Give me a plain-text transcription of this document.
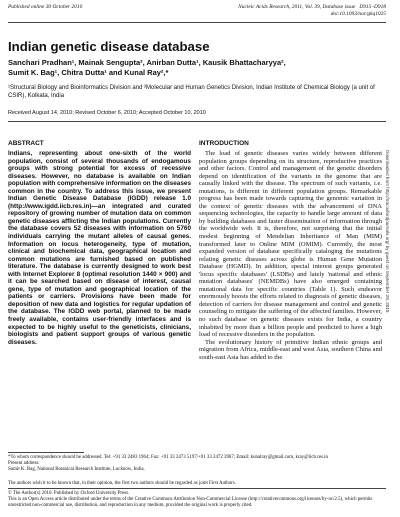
Published online 30 October 2010	Nucleic Acids Research, 2011, Vol. 39, Database issue D915–D918
doi:10.1093/nar/gkq1025
Indian genetic disease database
Sanchari Pradhan¹, Mainak Sengupta², Anirban Dutta¹, Kausik Bhattacharyya²,
Sumit K. Bag¹, Chitra Dutta¹ and Kunal Ray²,*
¹Structural Biology and Bioinformatics Division and ²Molecular and Human Genetics Division, Indian Institute of Chemical Biology (a unit of CSIR), Kolkata, India
Received August 14, 2010; Revised October 6, 2010; Accepted October 10, 2010
ABSTRACT

Indians, representing about one-sixth of the world population, consist of several thousands of endogamous groups with strong potential for excess of recessive diseases. However, no database is available on Indian population with comprehensive information on the diseases common in the country. To address this issue, we present Indian Genetic Disease Database (IGDD) release 1.0 (http://www.igdd.iicb.res.in)—an integrated and curated repository of growing number of mutation data on common genetic diseases afflicting the Indian populations. Currently the database covers 52 diseases with information on 5760 individuals carrying the mutant alleles of causal genes. Information on locus heterogeneity, type of mutation, clinical and biochemical data, geographical location and common mutations are furnished based on published literature. The database is currently designed to work best with Internet Explorer 8 (optimal resolution 1440 × 900) and it can be searched based on disease of interest, causal gene, type of mutation and geographical location of the patients or carriers. Provisions have been made for deposition of new data and logistics for regular updation of the database. The IGDD web portal, planned to be made freely available, contains user-friendly interfaces and is expected to be highly useful to the geneticists, clinicians, biologists and patient support groups of various genetic diseases.

INTRODUCTION

The load of genetic diseases varies widely between different population groups depending on its structure, reproductive practices and other factors. Control and management of the genetic disorders depend on identification of the variants in the genome that are causally linked with the disease. The spectrum of such variants, i.e. mutations, is different in different population groups. Remarkable progress has been made towards capturing the genomic variation in the context of genetic diseases with the advancement of DNA sequencing technologies, the capacity to handle large amount of data by building databases and faster dissemination of information through the worldwide web. It is, therefore, not surprising that the initial modest beginning of Mendelian Inheritance of Man (MIM) transformed later to Online MIM (OMIM). Currently, the most expanded version of database specifically cataloging the mutations relating genetic diseases across globe is Human Gene Mutation Database (HGMD). In addition, special interest groups generated 'locus specific databases' (LSDBs) and lately 'national and ethnic mutation databases' (NEMDBs) have also emerged containing mutational data for specific countries (Table 1). Such endeavor enormously boosts the efforts related to diagnosis of genetic diseases, detection of carriers for disease management and control and genetic counseling to mitigate the suffering of the affected families. However, no such database on genetic diseases exists for India, a country inhabited by more than a billion people and predicted to have a high load of recessive disorders in the population.

The evolutionary history of primitive Indian ethnic groups and migration from Africa, middle-east and west Asia, southern China and south-east Asia has added to the

*To whom correspondence should be addressed. Tel: +91 33 2483 1964; Fax: +91 33 2473 5197/+91 33 2472 3967; Email: kunalray@gmail.com, kray@iicb.res.in
Present address:
Sumit K. Bag, National Botanical Research Institute, Lucknow, India.
The authors wish it to be known that, in their opinion, the first two authors should be regarded as joint First Authors.
© The Author(s) 2010. Published by Oxford University Press.
This is an Open Access article distributed under the terms of the Creative Commons Attribution Non-Commercial License (http://creativecommons.org/licenses/by-nc/2.5), which permits unrestricted non-commercial use, distribution, and reproduction in any medium, provided the original work is properly cited.
Downloaded from http://nar.oxfordjournals.org/ by guest on September 29, 2015
